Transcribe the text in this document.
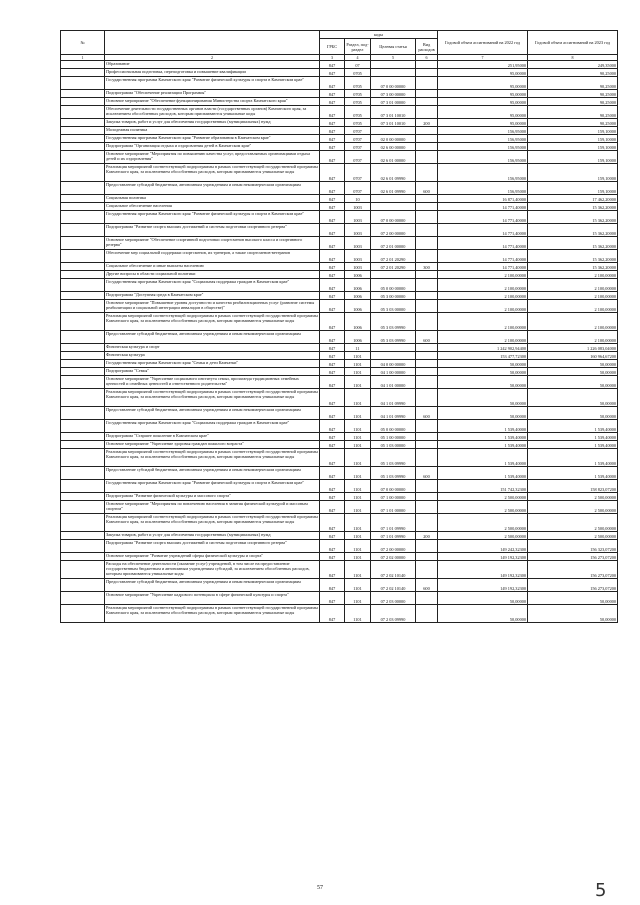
№		коды				Годовой объем ассигнований на 2022 год	Годовой объем ассигнований на 2023 год
		ГРБС	Раздел, под-раздел	Целевая статья	Вид расходов		
1	2	3	4	5	6	7	8
	Образование	847	07			251,95000	249,35000
	Профессиональная подготовка, переподготовка и повышение квалификации	847	0705			95,00000	90,25000
	Государственная программа Камчатского края "Развитие физической культуры и спорта в Камчатском крае"	847	0705	07 0 00 00000		95,00000	90,25000
	Подпрограмма "Обеспечение реализации Программы"	847	0705	07 3 00 00000		95,00000	90,25000
	Основное мероприятие "Обеспечение функционирования Министерства спорта Камчатского края"	847	0705	07 3 01 00000		95,00000	90,25000
	Обеспечение деятельности государственных органов власти (государственных органов) Камчатского края, за исключением обособленных расходов, которым присваиваются уникальные коды	847	0705	07 3 01 10010		95,00000	90,25000
	Закупка товаров, работ и услуг для обеспечения государственных (муниципальных) нужд	847	0705	07 3 01 10010	200	95,00000	90,25000
	Молодежная политика	847	0707			156,95000	159,10000
	Государственная программа Камчатского края "Развитие образования в Камчатском крае"	847	0707	02 0 00 00000		156,95000	159,10000
	Подпрограмма "Организация отдыха и оздоровления детей в Камчатском крае"	847	0707	02 6 00 00000		156,95000	159,10000
	Основное мероприятие "Мероприятия по повышению качества услуг, предоставляемых организациями отдыха детей и их оздоровления"	847	0707	02 6 01 00000		156,95000	159,10000
	Реализация мероприятий соответствующей подпрограммы в рамках соответствующей государственной программы Камчатского края, за исключением обособленных расходов, которым присваиваются уникальные коды	847	0707	02 6 01 09990		156,95000	159,10000
	Предоставление субсидий бюджетным, автономным учреждениям и иным некоммерческим организациям	847	0707	02 6 01 09990	600	156,95000	159,10000
	Социальная политика	847	10			16 871,40000	17 462,20000
	Социальное обеспечение населения	847	1003			14 771,40000	15 362,20000
	Государственная программа Камчатского края "Развитие физической культуры и спорта в Камчатском крае"	847	1003	07 0 00 00000		14 771,40000	15 362,20000
	Подпрограмма "Развитие спорта высших достижений и системы подготовки спортивного резерва"	847	1003	07 2 00 00000		14 771,40000	15 362,20000
	Основное мероприятие "Обеспечение спортивной подготовки спортсменов высокого класса и спортивного резерва"	847	1003	07 2 01 00000		14 771,40000	15 362,20000
	Обеспечение мер социальной поддержки спортсменов, их тренеров, а также спортсменов-ветеранов	847	1003	07 2 01 20290		14 771,40000	15 362,20000
	Социальное обеспечение и иные выплаты населению	847	1003	07 2 01 20290	300	14 771,40000	15 362,20000
	Другие вопросы в области социальной политики	847	1006			2 100,00000	2 100,00000
	Государственная программа Камчатского края "Социальная поддержка граждан в Камчатском крае"	847	1006	05 0 00 00000		2 100,00000	2 100,00000
	Подпрограмма "Доступная среда в Камчатском крае"	847	1006	05 3 00 00000		2 100,00000	2 100,00000
	Основное мероприятие "Повышение уровня доступности и качества реабилитационных услуг (развитие системы реабилитации и социальной интеграции инвалидов в обществе)"	847	1006	05 3 03 00000		2 100,00000	2 100,00000
	Реализация мероприятий соответствующей подпрограммы в рамках соответствующей государственной программы Камчатского края, за исключением обособленных расходов, которым присваиваются уникальные коды	847	1006	05 3 03 09990		2 100,00000	2 100,00000
	Предоставление субсидий бюджетным, автономным учреждениям и иным некоммерческим организациям	847	1006	05 3 03 09990	600	2 100,00000	2 100,00000
	Физическая культура и спорт	847	11			1 242 902,94400	1 226 083,04000
	Физическая культура	847	1101			153 477,72300	160 964,67200
	Государственная программа Камчатского края "Семья и дети Камчатки"	847	1101	04 0 00 00000		50,00000	50,00000
	Подпрограмма "Семья"	847	1101	04 1 00 00000		50,00000	50,00000
	Основное мероприятие "Укрепление социального института семьи, пропаганда традиционных семейных ценностей и семейных ценностей и ответственного родительства"	847	1101	04 1 01 00000		50,00000	50,00000
	Реализация мероприятий соответствующей подпрограммы в рамках соответствующей государственной программы Камчатского края, за исключением обособленных расходов, которым присваиваются уникальные коды	847	1101	04 1 01 09990		50,00000	50,00000
	Предоставление субсидий бюджетным, автономным учреждениям и иным некоммерческим организациям	847	1101	04 1 01 09990	600	50,00000	50,00000
	Государственная программа Камчатского края "Социальная поддержка граждан в Камчатском крае"	847	1101	05 0 00 00000		1 539,40000	1 539,40000
	Подпрограмма "Старшее поколение в Камчатском крае"	847	1101	05 1 00 00000		1 539,40000	1 539,40000
	Основное мероприятие "Укрепление здоровья граждан пожилого возраста"	847	1101	05 1 03 00000		1 539,40000	1 539,40000
	Реализация мероприятий соответствующей подпрограммы в рамках соответствующей государственной программы Камчатского края, за исключением обособленных расходов, которым присваиваются уникальные коды	847	1101	05 1 03 09990		1 539,40000	1 539,40000
	Предоставление субсидий бюджетным, автономным учреждениям и иным некоммерческим организациям	847	1101	05 1 03 09990	600	1 539,40000	1 539,40000
	Государственная программа Камчатского края "Развитие физической культуры и спорта в Камчатском крае"	847	1101	07 0 00 00000		151 742,32300	158 823,07200
	Подпрограмма "Развитие физической культуры и массового спорта"	847	1101	07 1 00 00000		2 500,00000	2 500,00000
	Основное мероприятие "Мероприятия по вовлечению населения в занятия физической культурой и массовым спортом"	847	1101	07 1 01 00000		2 500,00000	2 500,00000
	Реализация мероприятий соответствующей подпрограммы в рамках соответствующей государственной программы Камчатского края, за исключением обособленных расходов, которым присваиваются уникальные коды	847	1101	07 1 01 09990		2 500,00000	2 500,00000
	Закупка товаров, работ и услуг для обеспечения государственных (муниципальных) нужд	847	1101	07 1 01 09990	200	2 500,00000	2 500,00000
	Подпрограмма "Развитие спорта высших достижений и системы подготовки спортивного резерва"	847	1101	07 2 00 00000		149 242,32300	156 323,07200
	Основное мероприятие "Развитие учреждений сферы физической культуры и спорта"	847	1101	07 2 02 00000		149 192,32300	156 273,07200
	Расходы на обеспечение деятельности (оказание услуг) учреждений, в том числе на предоставление государственным бюджетным и автономным учреждениям субсидий, за исключением обособленных расходов, которым присваиваются уникальные коды	847	1101	07 2 02 10140		149 192,32300	156 273,07200
	Предоставление субсидий бюджетным, автономным учреждениям и иным некоммерческим организациям	847	1101	07 2 02 10140	600	149 192,32300	156 273,07200
	Основное мероприятие "Укрепление кадрового потенциала в сфере физической культуры и спорта"	847	1101	07 2 03 00000		50,00000	50,00000
	Реализация мероприятий соответствующей подпрограммы в рамках соответствующей государственной программы Камчатского края, за исключением обособленных расходов, которым присваиваются уникальные коды	847	1101	07 2 03 09990		50,00000	50,00000
57	5
